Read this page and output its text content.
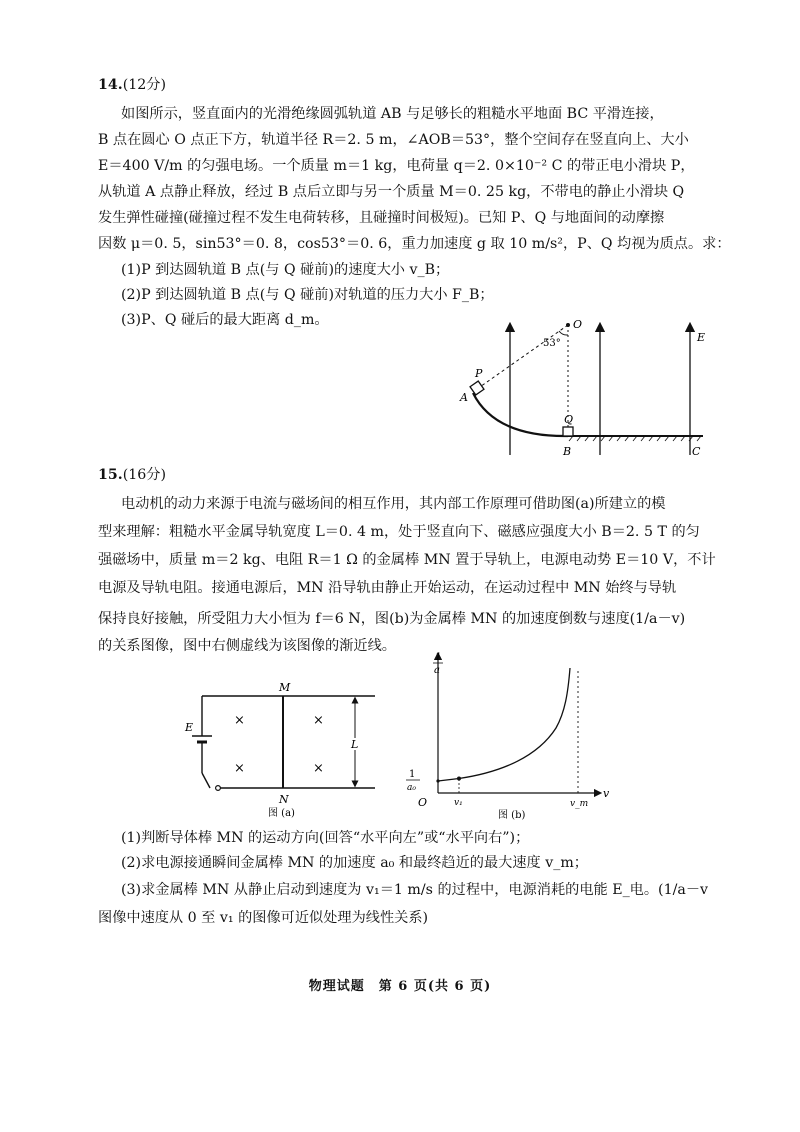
14.(12分)
如图所示，竖直面内的光滑绝缘圆弧轨道 AB 与足够长的粗糙水平地面 BC 平滑连接，
B 点在圆心 O 点正下方，轨道半径 R＝2. 5 m，∠AOB＝53°，整个空间存在竖直向上、大小
E＝400 V/m 的匀强电场。一个质量 m＝1 kg，电荷量 q＝2. 0×10⁻² C 的带正电小滑块 P，
从轨道 A 点静止释放，经过 B 点后立即与另一个质量 M＝0. 25 kg，不带电的静止小滑块 Q
发生弹性碰撞(碰撞过程不发生电荷转移，且碰撞时间极短)。已知 P、Q 与地面间的动摩擦
因数 μ＝0. 5，sin53°＝0. 8，cos53°＝0. 6，重力加速度 g 取 10 m/s²，P、Q 均视为质点。求：
(1)P 到达圆轨道 B 点(与 Q 碰前)的速度大小 v_B；
(2)P 到达圆轨道 B 点(与 Q 碰前)对轨道的压力大小 F_B；
(3)P、Q 碰后的最大距离 d_m。	O
53°	E
P
A
Q
B	C
15.(16分)
电动机的动力来源于电流与磁场间的相互作用，其内部工作原理可借助图(a)所建立的模
型来理解：粗糙水平金属导轨宽度 L＝0. 4 m，处于竖直向下、磁感应强度大小 B＝2. 5 T 的匀
强磁场中，质量 m＝2 kg、电阻 R＝1 Ω 的金属棒 MN 置于导轨上，电源电动势 E＝10 V，不计
电源及导轨电阻。接通电源后，MN 沿导轨由静止开始运动，在运动过程中 MN 始终与导轨
保持良好接触，所受阻力大小恒为 f＝6 N，图(b)为金属棒 MN 的加速度倒数与速度(1/a－v)
的关系图像，图中右侧虚线为该图像的渐近线。
×	×
×	×
L
M
N
E
图 (a)
1
a
1
a₀
O	v₁	v_m
v
图 (b)
(1)判断导体棒 MN 的运动方向(回答“水平向左”或“水平向右”)；
(2)求电源接通瞬间金属棒 MN 的加速度 a₀ 和最终趋近的最大速度 v_m；
(3)求金属棒 MN 从静止启动到速度为 v₁＝1 m/s 的过程中，电源消耗的电能 E_电。(1/a－v
图像中速度从 0 至 v₁ 的图像可近似处理为线性关系)
物理试题　第 6 页(共 6 页)
